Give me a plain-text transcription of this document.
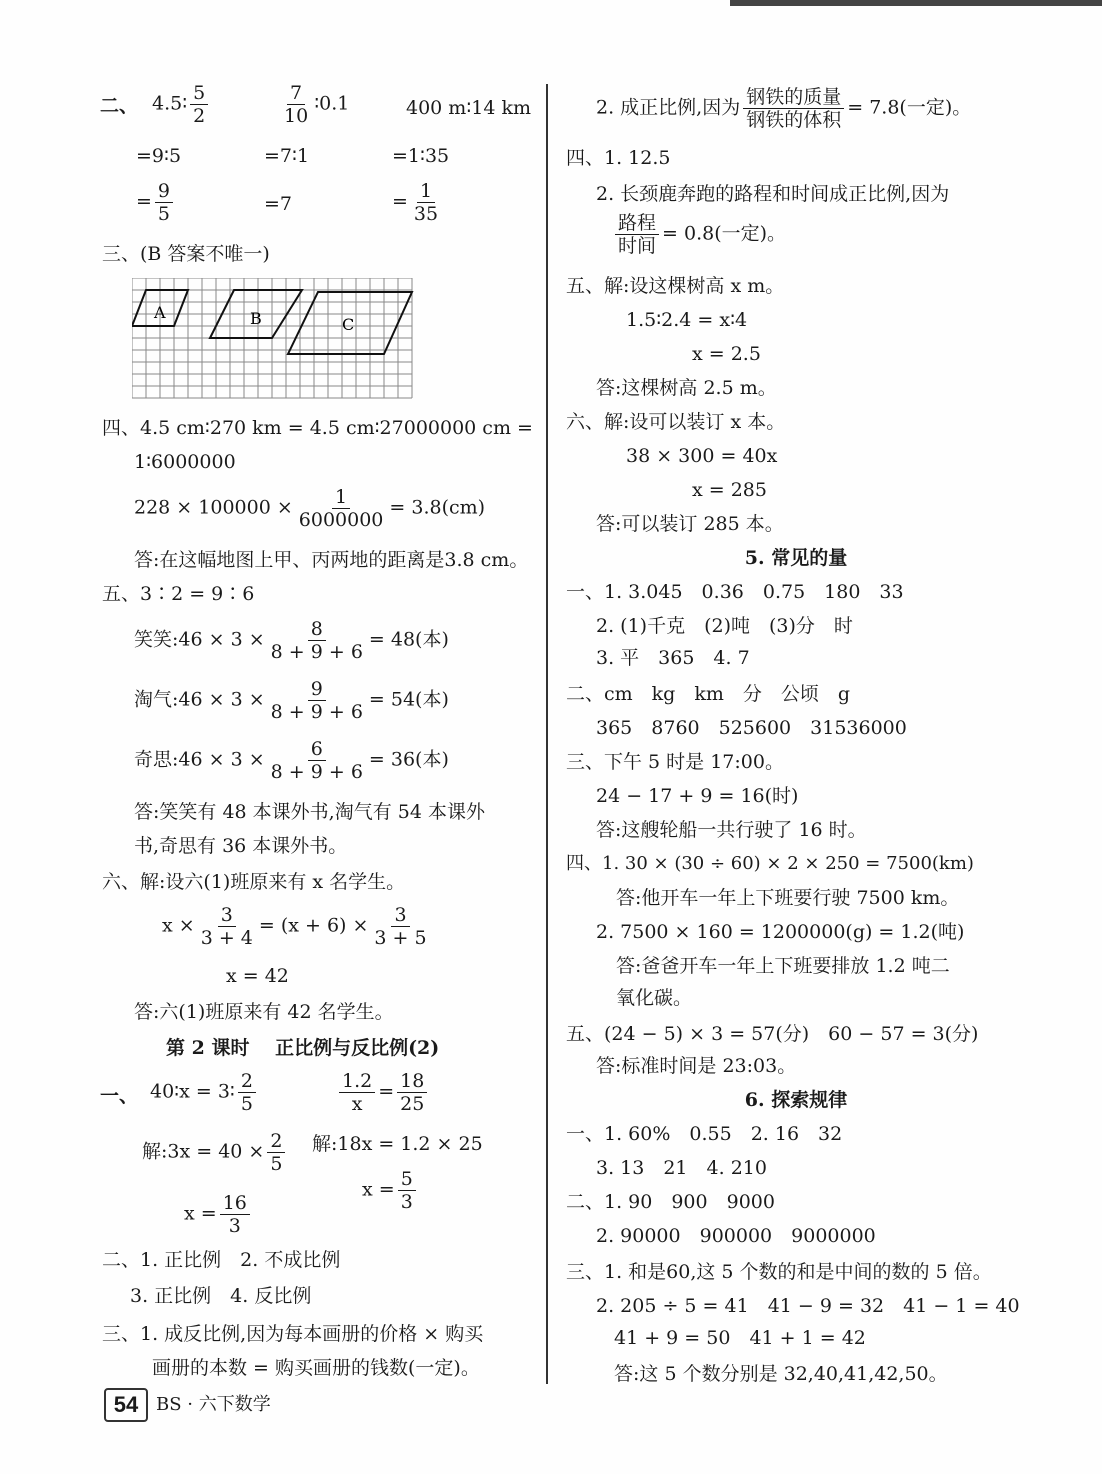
二、 4.5∶ $\frac{5}{2}$	$\frac{7}{10}$ ∶0.1	400 m∶14 km
=9∶5	=7∶1	=1∶35
= $\frac{9}{5}$	=7	= $\frac{1}{35}$
三、(B 答案不唯一)
A	B	C
四、4.5 cm∶270 km = 4.5 cm∶27000000 cm =
1∶6000000
$228 \times 100000 \times \frac{1}{6000000} = 3.8(cm)$
答:在这幅地图上甲、丙两地的距离是3.8 cm。
五、3∶2 = 9∶6
笑笑:46 × $3 \times \frac{8}{8 + 9 + 6} = 48$(本)
淘气:46 × $3 \times \frac{9}{8 + 9 + 6} = 54$(本)
奇思:46 × $3 \times \frac{6}{8 + 9 + 6} = 36$(本)
答:笑笑有 48 本课外书,淘气有 54 本课外
书,奇思有 36 本课外书。
六、解:设六(1)班原来有 x 名学生。
$x \times \frac{3}{3 + 4} = (x + 6) \times \frac{3}{3 + 5}$
x = 42
答:六(1)班原来有 42 名学生。
第 2 课时　 正比例与反比例(2)
一、 40∶x = 3∶ $\frac{2}{5}$	$\frac{1.2}{x} = \frac{18}{25}$
解:3x = $40 \times \frac{2}{5}$ 解:18x = 1.2 × 25
$x = \frac{5}{3}$
$x = \frac{16}{3}$
二、1. 正比例　2. 不成比例
3. 正比例　4. 反比例
三、1. 成反比例,因为每本画册的价格 × 购买
画册的本数 = 购买画册的钱数(一定)。
2. 成正比例,因为 $\frac{\text{钢铁的质量}}{\text{钢铁的体积}} = 7.8$(一定)。
四、1. 12.5
2. 长颈鹿奔跑的路程和时间成正比例,因为
$\frac{\text{路程}}{\text{时间}} = 0.8$(一定)。
五、解:设这棵树高 x m。
1.5∶2.4 = x∶4
x = 2.5
答:这棵树高 2.5 m。
六、解:设可以装订 x 本。
38 × 300 = 40x
x = 285
答:可以装订 285 本。
5. 常见的量
一、1. 3.045　0.36　0.75　180　33
2. (1)千克　(2)吨　(3)分　时
3. 平　365　4. 7
二、cm　kg　km　分　公顷　g
365　8760　525600　31536000
三、下午 5 时是 17:00。
24 − 17 + 9 = 16(时)
答:这艘轮船一共行驶了 16 时。
四、1. 30 × (30 ÷ 60) × 2 × 250 = 7500(km)
答:他开车一年上下班要行驶 7500 km。
2. 7500 × 160 = 1200000(g) = 1.2(吨)
答:爸爸开车一年上下班要排放 1.2 吨二
氧化碳。
五、(24 − 5) × 3 = 57(分)　60 − 57 = 3(分)
答:标准时间是 23:03。
6. 探索规律
一、1. 60%　0.55　2. 16　32
3. 13　21　4. 210
二、1. 90　900　9000
2. 90000　900000　9000000
三、1. 和是60,这 5 个数的和是中间的数的 5 倍。
2. 205 ÷ 5 = 41　41 − 9 = 32　41 − 1 = 40
41 + 9 = 50　41 + 1 = 42
答:这 5 个数分别是 32,40,41,42,50。
54 BS · 六下数学
